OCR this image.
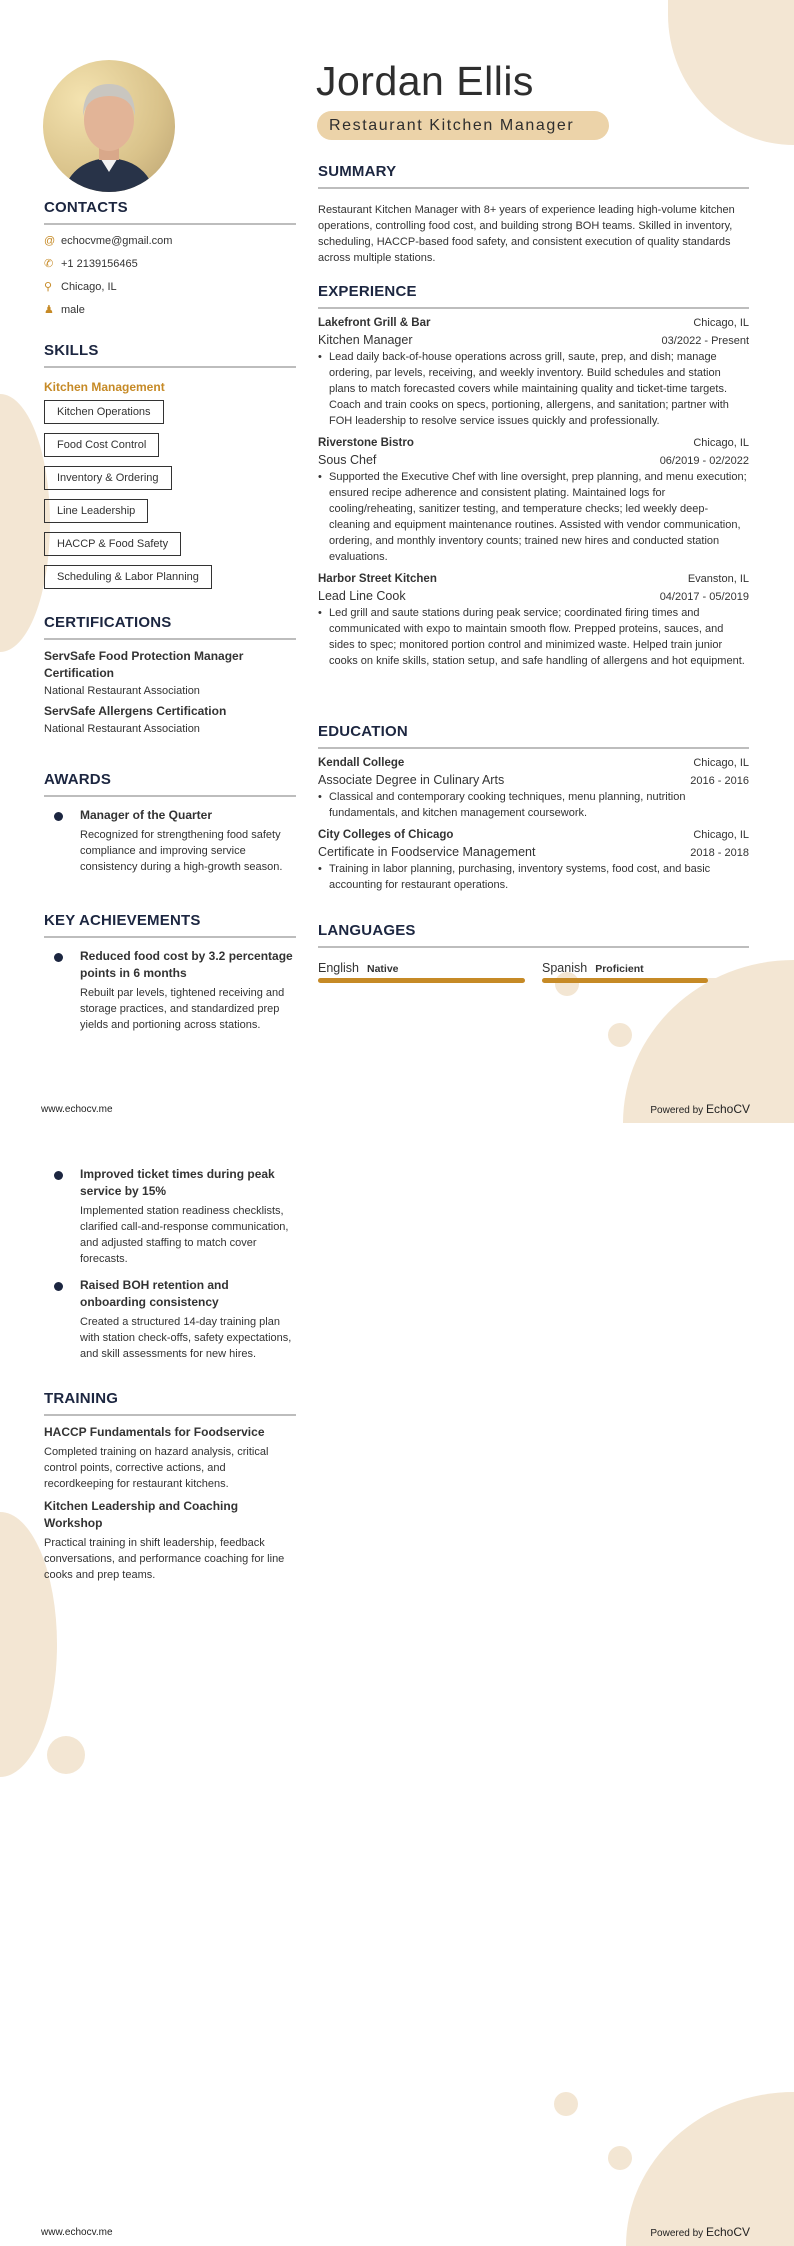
Jordan Ellis
Restaurant Kitchen Manager
SUMMARY
Restaurant Kitchen Manager with 8+ years of experience leading high-volume kitchen operations, controlling food cost, and building strong BOH teams. Skilled in inventory, scheduling, HACCP-based food safety, and consistent execution of quality standards across multiple stations.
EXPERIENCE
Lakefront Grill & Bar	Chicago, IL
Kitchen Manager	03/2022 - Present
• Lead daily back-of-house operations across grill, saute, prep, and dish; manage ordering, par levels, receiving, and weekly inventory. Build schedules and station plans to match forecasted covers while maintaining quality and ticket-time targets. Coach and train cooks on specs, portioning, allergens, and sanitation; partner with FOH leadership to resolve service issues quickly and professionally.
Riverstone Bistro	Chicago, IL
Sous Chef	06/2019 - 02/2022
• Supported the Executive Chef with line oversight, prep planning, and menu execution; ensured recipe adherence and consistent plating. Maintained logs for cooling/reheating, sanitizer testing, and temperature checks; led weekly deep-cleaning and equipment maintenance routines. Assisted with vendor communication, ordering, and monthly inventory counts; trained new hires and conducted station evaluations.
Harbor Street Kitchen	Evanston, IL
Lead Line Cook	04/2017 - 05/2019
• Led grill and saute stations during peak service; coordinated firing times and communicated with expo to maintain smooth flow. Prepped proteins, sauces, and sides to spec; monitored portion control and minimized waste. Helped train junior cooks on knife skills, station setup, and safe handling of allergens and hot equipment.
EDUCATION
Kendall College	Chicago, IL
Associate Degree in Culinary Arts	2016 - 2016
• Classical and contemporary cooking techniques, menu planning, nutrition fundamentals, and kitchen management coursework.
City Colleges of Chicago	Chicago, IL
Certificate in Foodservice Management	2018 - 2018
• Training in labor planning, purchasing, inventory systems, food cost, and basic accounting for restaurant operations.
LANGUAGES
English Native	Spanish Proficient
CONTACTS
@ echocvme@gmail.com
✆ +1 2139156465
⚲ Chicago, IL
♟ male
SKILLS
Kitchen Management
Kitchen Operations
Food Cost Control
Inventory & Ordering
Line Leadership
HACCP & Food Safety
Scheduling & Labor Planning
CERTIFICATIONS
ServSafe Food Protection Manager Certification
National Restaurant Association
ServSafe Allergens Certification
National Restaurant Association
AWARDS
Manager of the Quarter
Recognized for strengthening food safety compliance and improving service consistency during a high-growth season.
KEY ACHIEVEMENTS
Reduced food cost by 3.2 percentage points in 6 months
Rebuilt par levels, tightened receiving and storage practices, and standardized prep yields and portioning across stations.
Improved ticket times during peak service by 15%
Implemented station readiness checklists, clarified call-and-response communication, and adjusted staffing to match cover forecasts.
Raised BOH retention and onboarding consistency
Created a structured 14-day training plan with station check-offs, safety expectations, and skill assessments for new hires.
TRAINING
HACCP Fundamentals for Foodservice
Completed training on hazard analysis, critical control points, corrective actions, and recordkeeping for restaurant kitchens.
Kitchen Leadership and Coaching Workshop
Practical training in shift leadership, feedback conversations, and performance coaching for line cooks and prep teams.
www.echocv.me	Powered by EchoCV
www.echocv.me	Powered by EchoCV
